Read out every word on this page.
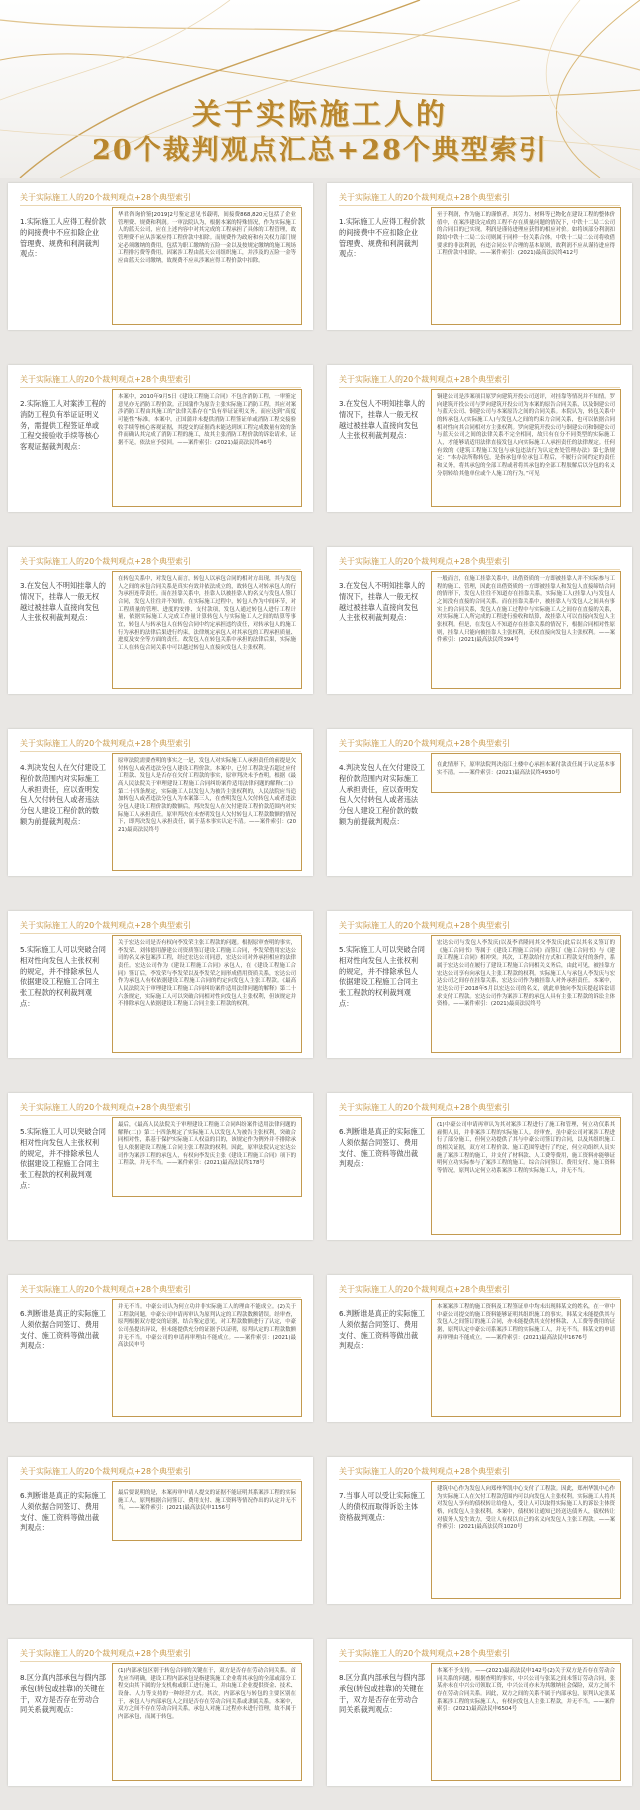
关于实际施工人的
20个裁判观点汇总+28个典型索引
关于实际施工人的20个裁判观点+28个典型索引
1.实际施工人应得工程价款的间接费中不应扣除企业管理费、规费和利润裁判观点：
华君咨询价鉴[2019]2号鉴定意见书载明，间接费868,820元包括了企业管理费、规费和利润。一审法院认为，根据本案的特殊情况，作为实际施工人的蓝天公司，应在上述内容中对其完成的工程承担了具体的工程管理，故管理费不应从涉案应得工程价款中扣除。而规费作为政府和有关权力部门规定必须缴纳的费用，包括为职工缴纳的五险一金以及按规定缴纳的施工现场工程排污费等费用，因案涉工程由蓝天公司组织施工，并涉及的五险一金等应由蓝天公司缴纳，故规费不应从涉案应得工程价款中扣除。
关于实际施工人的20个裁判观点+28个典型索引
1.实际施工人应得工程价款的间接费中不应扣除企业管理费、规费和利润裁判观点：
至于利润，作为施工的谨慎者，其劳力、材料等已物化在建设工程的整体价值中，在案涉建设完成的工程不存在质量问题的情况下，中铁十二局二公司的合同目的已实现，利润是谨待进理应获得的相应对价。如将该部分利润扣除给中铁十二局二公司则属于同样一份关系合体。中铁十二局二公司将收借要求的非法利润，有违合同公平合理的基本原则，故利润不应从谨待进应得工程价款中扣除。——案件索引：(2021)最高法民终412号
关于实际施工人的20个裁判观点+28个典型索引
2.实际施工人对案涉工程的消防工程负有举证证明义务，需提供工程签证单或工程交接验收手续等核心客观证据裁判观点：
本案中，2010年9月5日《建设工程施工合同》不包含消防工程，一审鉴定意见亦无消防工程价款。正国蒲作为原告主张实际施工消防工程，其应对案涉消防工程由其施工的“法律关系存在”负有举证证明义务。而应达到“高度可能性”标准。本案中，正国蒲并未提供消防工程签证单或消防工程交接验收手续等核心客观证据，其提交的证据尚未能达到该工程完成数量有效的条件而确认其完成了消防工程的施工，故其主张消防工程价款的诉讼请求，证据不足，依法应予驳回。——案件索引：(2021)最高法民终46号
关于实际施工人的20个裁判观点+28个典型索引
3.在发包人不明知挂靠人的情况下，挂靠人一般无权越过被挂靠人直接向发包人主张权利裁判观点：
铜建公司是涉案项目原罗向建筑开投公司送评，对挂靠等情况并不知情。罗向建筑开投公司与罗向建筑开投公司为本案的原告合同关系，以及铜建公司与蓝天公司、铜建公司与本案原告之间的合同关系。本院认为，转包关系中的转承包人(实际施工人)与发包人之间的约束力合同关系，也可以依据合同相对性向其合同相对方主张权利。罗向建筑开投公司与铜建公司和铜建公司与蓝天公司之间的法律关系不完全相同，故只有在分不同类型的实际施工人，才能够请适用法律直接发包人向实际施工人承担责任的法律规定。任何有效的《建筑工程施工发包与承包违法行为认定查处管理办法》第七条规定：“本办法所称转包，是指承包单位承包工程后，不履行合同约定的责任和义务，将其承包的全部工程或者将其承包的全部工程肢解后以分包的名义分别转给其他单位或个人施工的行为。”可见
关于实际施工人的20个裁判观点+28个典型索引
3.在发包人不明知挂靠人的情况下，挂靠人一般无权越过被挂靠人直接向发包人主张权利裁判观点：
在转包关系中，对发包人而言，转包人以承包合同的相对方出现，其与发包人之间的承包合同关系是真实有效并依法成立的，故转包人对转承包人的行为承担连带责任。而在挂靠关系中，挂靠人以被挂靠人的名义与发包人签订合同，发包人往往并不知情。在实际施工过程中，转包人作为中间环节，对工程质量的管理、进度的安排、支付款项，发包人通过转包人进行工程计量，依据实际施工人完成工作量计算转包人与实际施工人之间的结算等事宜，转包人与转承包人在转包合同中约定承担违约责任，对转承包人的施工行为承担的法律后果进行约束，法律规定承包人对其承包的工程承担质量、进度及安全等方面的责任。故发包人在转包关系中承担的法律后果，实际施工人在转包合同关系中可以越过转包人直接向发包人主张权利。
关于实际施工人的20个裁判观点+28个典型索引
3.在发包人不明知挂靠人的情况下，挂靠人一般无权越过被挂靠人直接向发包人主张权利裁判观点：
一般而言，在施工挂靠关系中，出借资质的一方即被挂靠人并不实际参与工程的施工、管理，因此在出借资质的一方即被挂靠人和发包人直接缔结合同的情形下，发包人往往不知道存在挂靠关系，实际施工人(挂靠人)与发包人之间没有直接的合同关系。而在挂靠关系中，被挂靠人与发包人之间具有事实上的合同关系，发包人在施工过程中与实际施工人之间存在直接的关系，对实际施工人所完成的工程进行验收和结算，故挂靠人可以直接向发包人主张权利。但是，在发包人不知道存在挂靠关系的情况下，根据合同相对性原则，挂靠人只能向被挂靠人主张权利，无权直接向发包人主张权利。——案件索引：(2021)最高法民终394号
关于实际施工人的20个裁判观点+28个典型索引
4.判决发包人在欠付建设工程价款范围内对实际施工人承担责任，应以查明发包人欠付转包人或者违法分包人建设工程价款的数额为前提裁判观点：
原审法院需要查明的事实之一是，发包人对实际施工人承担责任的前提是欠付转包人或者违法分包人建设工程价款。本案中，已付工程款是否超过应付工程款、发包人是否存在欠付工程款的事实，原审判决未予查明。根据《最高人民法院关于审理建设工程施工合同纠纷案件适用法律问题的解释(二)》第二十四条规定，实际施工人以发包人为被告主张权利的，人民法院应当追加转包人或者违法分包人为本案第三人，在查明发包人欠付转包人或者违法分包人建设工程价款的数额后，判决发包人在欠付建设工程价款范围内对实际施工人承担责任。原审判决在未查明发包人欠付转包人工程款数额的情况下，即判决发包人承担责任，属于基本事实认定不清。——案件索引：(2021)最高法民终号
关于实际施工人的20个裁判观点+28个典型索引
4.判决发包人在欠付建设工程价款范围内对实际施工人承担责任，应以查明发包人欠付转包人或者违法分包人建设工程价款的数额为前提裁判观点：
在此情形下，原审法院判决南江土楼中心承担本案付款责任属于认定基本事实不清。——案件索引：(2021)最高法民终4930号
关于实际施工人的20个裁判观点+28个典型索引
5.实际施工人可以突破合同相对性向发包人主张权利的规定，并不排除承包人依据建设工程施工合同主张工程款的权利裁判观点：
关于宏达公司是否有权向李发荣主张工程款的问题。根据原审查明的事实，李发荣、刘伟德用静建公司资质签订建设工程施工合同，李发荣借用宏达公司的名义承包案涉工程，经过宏达公司同意，宏达公司对外承担相应的法律责任。宏达公司作为《建设工程施工合同》承包人，在《建设工程施工合同》签订后，李发荣与李发荣以及李发荣之间形成借用资质关系，宏达公司作为承包人有权依据建设工程施工合同的约定向发包人主张工程款。《最高人民法院关于审理建设工程施工合同纠纷案件适用法律问题的解释》第二十六条规定，实际施工人可以突破合同相对性向发包人主张权利，但该规定并不排除承包人依据建设工程施工合同主张工程款的权利。
关于实际施工人的20个裁判观点+28个典型索引
5.实际施工人可以突破合同相对性向发包人主张权利的规定，并不排除承包人依据建设工程施工合同主张工程款的权利裁判观点：
宏达公司与发包人李发庆(以及李君隆同其父李发庆)此后以其名义签订的《施工合同书》等属于《建设工程施工合同》而签订《施工合同书》与《建设工程施工合同》相冲突。其次，工程款给付方式和工程款支付的条件，系属于宏达公司在履行了建设工程施工合同相关义务后，由此可见，被挂靠方宏达公司享有向承包人主张工程款的权利。实际施工人与承包人李发庆与宏达公司之间存在挂靠关系，宏达公司作为被挂靠人对外承担责任。本案中，宏达公司于2018年5月以宏达公司的名义，就此单独向李发庆提起诉讼请求支付工程款。宏达公司作为案涉工程的承包人具有主张工程款的诉讼主体资格。——案件索引：(2021)最高法民终号
关于实际施工人的20个裁判观点+28个典型索引
5.实际施工人可以突破合同相对性向发包人主张权利的规定，并不排除承包人依据建设工程施工合同主张工程款的权利裁判观点：
最后，《最高人民法院关于审理建设工程施工合同纠纷案件适用法律问题的解释(二)》第二十四条规定了实际施工人以发包人为被告主张权利，突破合同相对性，系基于保护实际施工人权益的目的，该规定作为例外并不排除承包人依据建设工程施工合同主张工程款的权利。因此，原审法院认定宏达公司作为案涉工程的承包人，有权向李发庆主张《建设工程施工合同》项下的工程款，并无不当。——案件索引：(2021)最高法民终178号
关于实际施工人的20个裁判观点+28个典型索引
6.判断谁是真正的实际施工人须依据合同签订、费用支付、施工资料等做出裁判观点：
(1)中豪公司申请再审认为其对案涉工程进行了施工和管理，何立功仅系其雇佣人员，并非案涉工程的实际施工人。经审查，虽中豪公司对案涉工程进行了部分施工，但何立功提供了其与中豪公司签订的合同，以及其组织施工的相关证据，双方对工程价款、施工范围等进行了约定，何立功组织人员实施了案涉工程的施工，并支付了材料款、人工费等费用，施工资料亦能够证明何立功实际参与了案涉工程的施工。综合合同签订、费用支付、施工资料等情况，原判认定何立功系案涉工程的实际施工人，并无不当。
关于实际施工人的20个裁判观点+28个典型索引
6.判断谁是真正的实际施工人须依据合同签订、费用支付、施工资料等做出裁判观点：
并无不当。中豪公司认为何立功并非实际施工人的理由不能成立。(2)关于工程款问题，中豪公司申请再审认为原判认定的工程款数额错误。经审查，原判根据双方提交的证据，结合鉴定意见，对工程款数额进行了认定，中豪公司虽提出异议，但未能提供充分的证据予以证明，原判认定的工程款数额并无不当。中豪公司的申请再审理由不能成立。——案件索引：(2021)最高法民申号
关于实际施工人的20个裁判观点+28个典型索引
6.判断谁是真正的实际施工人须依据合同签订、费用支付、施工资料等做出裁判观点：
本案案涉工程的施工资料及工程签证单中均未出现韩某文的姓名，在一审中中豪公司提交的施工资料能够证明其组织施工的事实。韩某文未能提供其与发包人之间签订的施工合同，亦未能提供其支付材料款、人工费等费用的证据，原判认定中豪公司系案涉工程的实际施工人，并无不当。韩某文的申请再审理由不能成立。——案件索引：(2021)最高法民申1676号
关于实际施工人的20个裁判观点+28个典型索引
6.判断谁是真正的实际施工人须依据合同签订、费用支付、施工资料等做出裁判观点：
最后要说明的是，本案再审申请人提交的证据不能证明其系案涉工程的实际施工人，原判根据合同签订、费用支付、施工资料等情况作出的认定并无不当。——案件索引：(2021)最高法民申1156号
关于实际施工人的20个裁判观点+28个典型索引
7.当事人可以受让实际施工人的债权而取得诉讼主体资格裁判观点：
建筑中心作为发包人向郑州华凯中心支付了工程款。因此，郑州华凯中心作为实际施工人在欠付工程款范围内可以向发包人主张权利。实际施工人将其对发包人享有的债权转让给他人，受让人可以取得实际施工人的诉讼主体资格，向发包人主张权利。本案中，债权转让通知已经送达债务人，债权转让对债务人发生效力，受让人有权以自己的名义向发包人主张工程款。——案件索引：(2021)最高法民终1020号
关于实际施工人的20个裁判观点+28个典型索引
8.区分真内部承包与假内部承包(转包或挂靠)的关键在于，双方是否存在劳动合同关系裁判观点：
(1)内部承包区别于转包合同的关键在于，双方是否存在劳动合同关系。首先应当明确，建设工程内部承包是指建筑施工企业将其承包的全部或部分工程交由其下属的分支机构或职工进行施工，并由施工企业提供资金、技术、设备、人力等支持的一种经营方式。其次，内部承包与转包的主要区别在于，承包人与内部承包人之间是否存在劳动合同关系或隶属关系。本案中，双方之间不存在劳动合同关系，承包人对施工过程亦未进行管理，故不属于内部承包，而属于转包。
关于实际施工人的20个裁判观点+28个典型索引
8.区分真内部承包与假内部承包(转包或挂靠)的关键在于，双方是否存在劳动合同关系裁判观点：
本案不予支持。——(2021)最高法民申142号(2)关于双方是否存在劳动合同关系的问题，根据查明的事实，中兴公司与张某之间未签订劳动合同，张某亦未在中兴公司领取工资，中兴公司亦未为其缴纳社会保险，双方之间不存在劳动合同关系。因此，双方之间的关系不属于内部承包，原判认定张某系案涉工程的实际施工人，有权向发包人主张工程款，并无不当。——案件索引：(2021)最高法民申6504号
